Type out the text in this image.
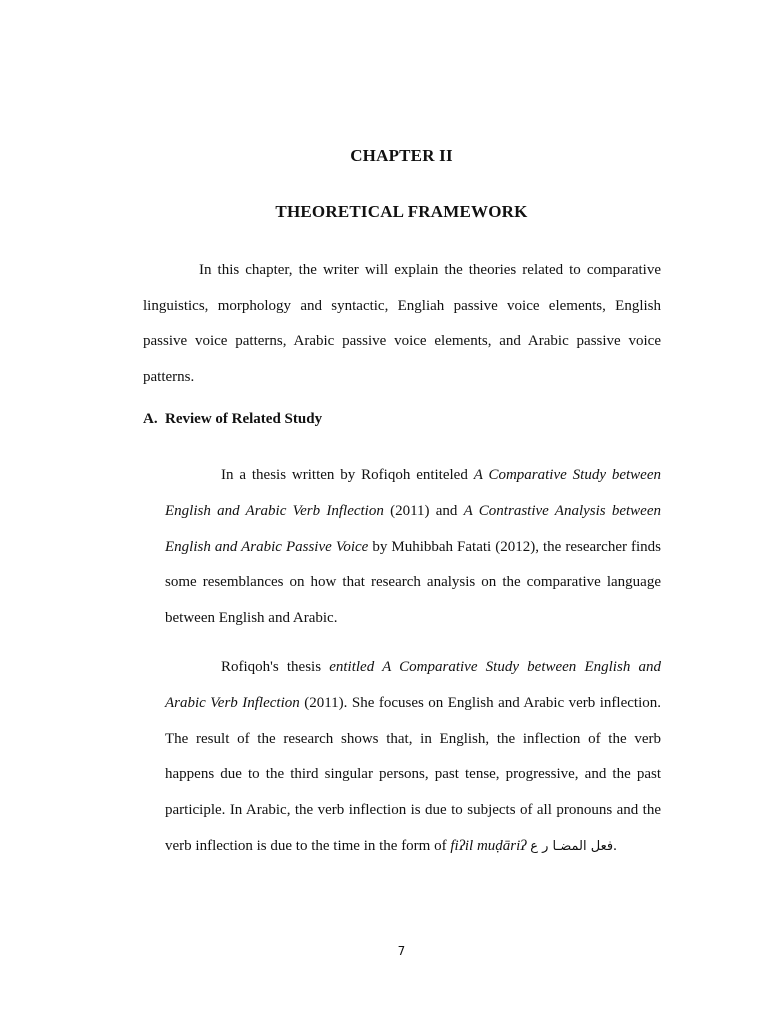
CHAPTER II
THEORETICAL FRAMEWORK

In this chapter, the writer will explain the theories related to comparative linguistics, morphology and syntactic, Engliah passive voice elements, English passive voice patterns, Arabic passive voice elements, and Arabic passive voice patterns.

A. Review of Related Study

In a thesis written by Rofiqoh entiteled A Comparative Study between English and Arabic Verb Inflection (2011) and A Contrastive Analysis between English and Arabic Passive Voice by Muhibbah Fatati (2012), the researcher finds some resemblances on how that research analysis on the comparative language between English and Arabic.

Rofiqoh's thesis entitled A Comparative Study between English and Arabic Verb Inflection (2011). She focuses on English and Arabic verb inflection. The result of the research shows that, in English, the inflection of the verb happens due to the third singular persons, past tense, progressive, and the past participle. In Arabic, the verb inflection is due to subjects of all pronouns and the verb inflection is due to the time in the form of fiʔil muḍāriʔ فعل المضـا ر ع.

7
